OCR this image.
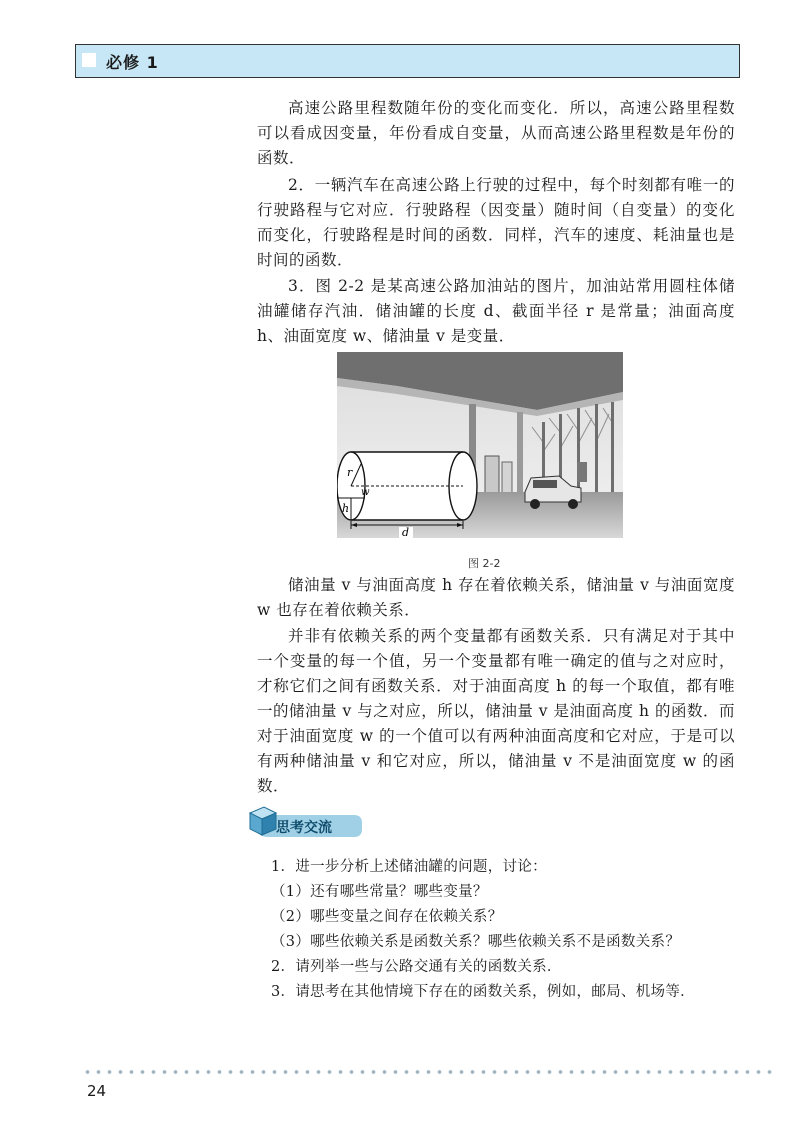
必修 1

高速公路里程数随年份的变化而变化．所以，高速公路里程数可以看成因变量，年份看成自变量，从而高速公路里程数是年份的函数．

2．一辆汽车在高速公路上行驶的过程中，每个时刻都有唯一的行驶路程与它对应．行驶路程（因变量）随时间（自变量）的变化而变化，行驶路程是时间的函数．同样，汽车的速度、耗油量也是时间的函数．

3．图 2-2 是某高速公路加油站的图片，加油站常用圆柱体储油罐储存汽油．储油罐的长度 d、截面半径 r 是常量；油面高度 h、油面宽度 w、储油量 v 是变量．

r
w
h
d
图 2-2

储油量 v 与油面高度 h 存在着依赖关系，储油量 v 与油面宽度 w 也存在着依赖关系．

并非有依赖关系的两个变量都有函数关系．只有满足对于其中一个变量的每一个值，另一个变量都有唯一确定的值与之对应时，才称它们之间有函数关系．对于油面高度 h 的每一个取值，都有唯一的储油量 v 与之对应，所以，储油量 v 是油面高度 h 的函数．而对于油面宽度 w 的一个值可以有两种油面高度和它对应，于是可以有两种储油量 v 和它对应，所以，储油量 v 不是油面宽度 w 的函数．

思考交流

1．进一步分析上述储油罐的问题，讨论：

（1）还有哪些常量？哪些变量？

（2）哪些变量之间存在依赖关系？

（3）哪些依赖关系是函数关系？哪些依赖关系不是函数关系？

2．请列举一些与公路交通有关的函数关系．

3．请思考在其他情境下存在的函数关系，例如，邮局、机场等．

24
